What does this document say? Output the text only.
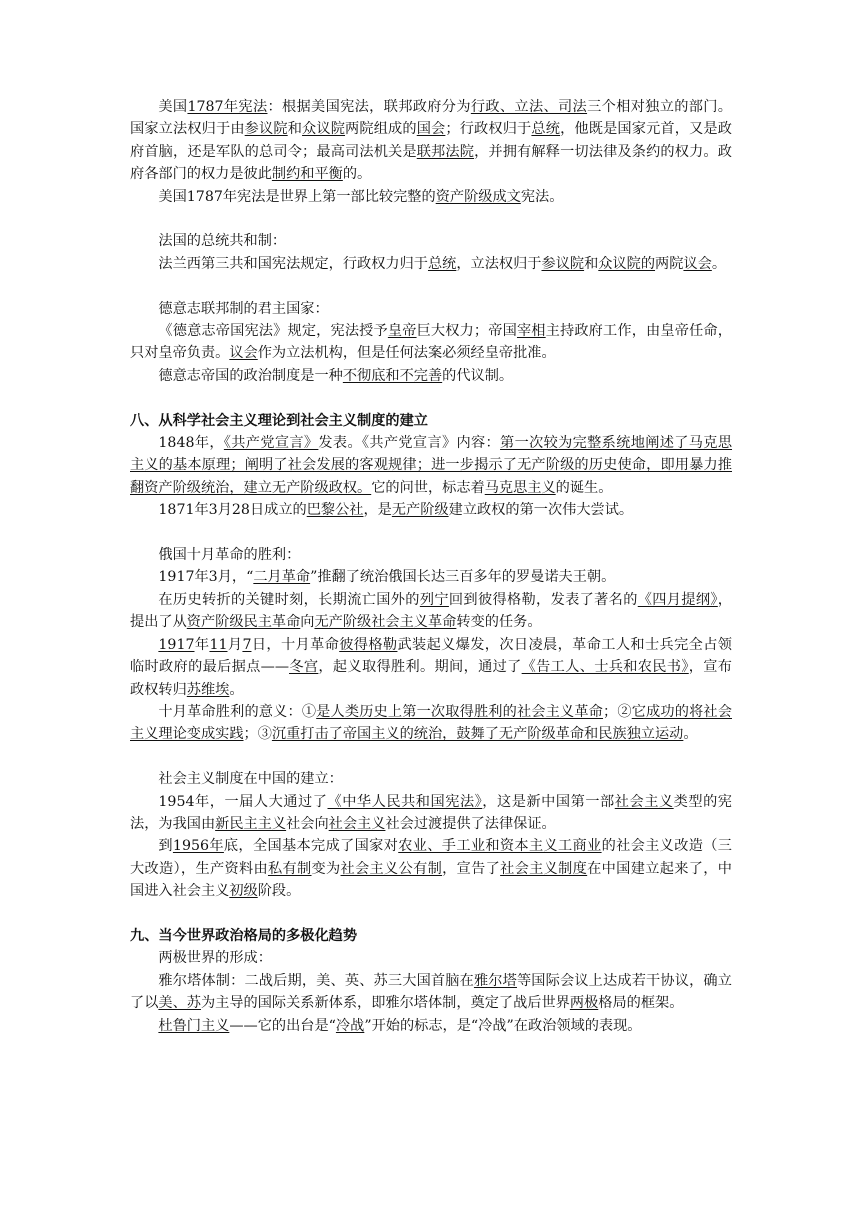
美国1787年宪法：根据美国宪法，联邦政府分为行政、立法、司法三个相对独立的部门。国家立法权归于由参议院和众议院两院组成的国会；行政权归于总统，他既是国家元首，又是政府首脑，还是军队的总司令；最高司法机关是联邦法院，并拥有解释一切法律及条约的权力。政府各部门的权力是彼此制约和平衡的。

美国1787年宪法是世界上第一部比较完整的资产阶级成文宪法。

法国的总统共和制：

法兰西第三共和国宪法规定，行政权力归于总统，立法权归于参议院和众议院的两院议会。

德意志联邦制的君主国家：

《德意志帝国宪法》规定，宪法授予皇帝巨大权力；帝国宰相主持政府工作，由皇帝任命，只对皇帝负责。议会作为立法机构，但是任何法案必须经皇帝批准。

德意志帝国的政治制度是一种不彻底和不完善的代议制。

八、从科学社会主义理论到社会主义制度的建立

1848年，《共产党宣言》发表。《共产党宣言》内容：第一次较为完整系统地阐述了马克思主义的基本原理；阐明了社会发展的客观规律；进一步揭示了无产阶级的历史使命，即用暴力推翻资产阶级统治，建立无产阶级政权。它的问世，标志着马克思主义的诞生。

1871年3月28日成立的巴黎公社，是无产阶级建立政权的第一次伟大尝试。

俄国十月革命的胜利：

1917年3月，“二月革命”推翻了统治俄国长达三百多年的罗曼诺夫王朝。

在历史转折的关键时刻，长期流亡国外的列宁回到彼得格勒，发表了著名的《四月提纲》，提出了从资产阶级民主革命向无产阶级社会主义革命转变的任务。

1917年11月7日，十月革命彼得格勒武装起义爆发，次日凌晨，革命工人和士兵完全占领临时政府的最后据点——冬宫，起义取得胜利。期间，通过了《告工人、士兵和农民书》，宣布政权转归苏维埃。

十月革命胜利的意义：①是人类历史上第一次取得胜利的社会主义革命；②它成功的将社会主义理论变成实践；③沉重打击了帝国主义的统治，鼓舞了无产阶级革命和民族独立运动。

社会主义制度在中国的建立：

1954年，一届人大通过了《中华人民共和国宪法》，这是新中国第一部社会主义类型的宪法，为我国由新民主主义社会向社会主义社会过渡提供了法律保证。

到1956年底，全国基本完成了国家对农业、手工业和资本主义工商业的社会主义改造（三大改造），生产资料由私有制变为社会主义公有制，宣告了社会主义制度在中国建立起来了，中国进入社会主义初级阶段。

九、当今世界政治格局的多极化趋势

两极世界的形成：

雅尔塔体制：二战后期，美、英、苏三大国首脑在雅尔塔等国际会议上达成若干协议，确立了以美、苏为主导的国际关系新体系，即雅尔塔体制，奠定了战后世界两极格局的框架。

杜鲁门主义——它的出台是“冷战”开始的标志，是“冷战”在政治领域的表现。
